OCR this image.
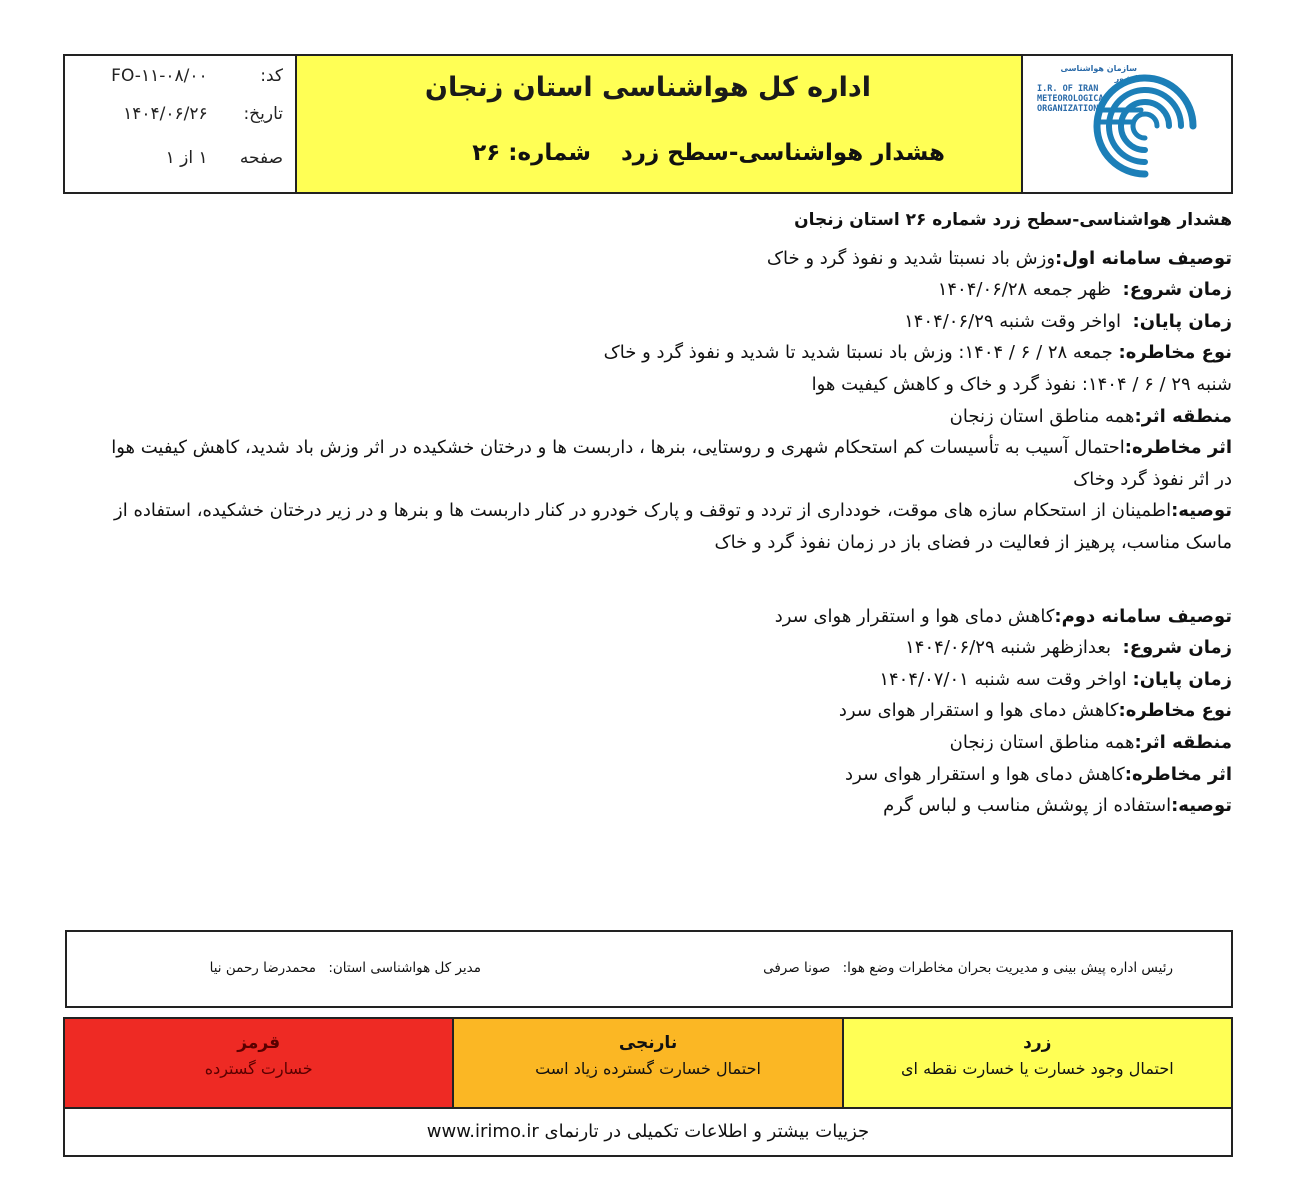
سازمان هواشناسی کشور
I.R. OF IRAN
METEOROLOGICAL
ORGANIZATION
اداره کل هواشناسی استان زنجان
هشدار هواشناسی-سطح زرد
شماره: ۲۶
کد: FO-۱۱-۰۸/۰۰
تاریخ: ۱۴۰۴/۰۶/۲۶
صفحه ۱ از ۱

هشدار هواشناسی-سطح زرد شماره ۲۶ استان زنجان

توصیف سامانه اول:وزش باد نسبتا شدید و نفوذ گرد و خاک

زمان شروع:  ظهر جمعه ۱۴۰۴/۰۶/۲۸

زمان پایان:  اواخر وقت شنبه ۱۴۰۴/۰۶/۲۹

نوع مخاطره: جمعه ۲۸ / ۶ / ۱۴۰۴: وزش باد نسبتا شدید تا شدید و نفوذ گرد و خاک

شنبه ۲۹ / ۶ / ۱۴۰۴: نفوذ گرد و خاک و کاهش کیفیت هوا

منطقه اثر:همه مناطق استان زنجان

اثر مخاطره:احتمال آسیب به تأسیسات کم استحکام شهری و روستایی، بنرها ، داربست ها و درختان خشکیده در اثر وزش باد شدید، کاهش کیفیت هوا در اثر نفوذ گرد وخاک

توصیه:اطمینان از استحکام سازه های موقت، خودداری از تردد و توقف و پارک خودرو در کنار داربست ها و بنرها و در زیر درختان خشکیده، استفاده از ماسک مناسب، پرهیز از فعالیت در فضای باز در زمان نفوذ گرد و خاک

توصیف سامانه دوم:کاهش دمای هوا و استقرار هوای سرد

زمان شروع:  بعدازظهر شنبه ۱۴۰۴/۰۶/۲۹

زمان پایان: اواخر وقت سه شنبه ۱۴۰۴/۰۷/۰۱

نوع مخاطره:کاهش دمای هوا و استقرار هوای سرد

منطقه اثر:همه مناطق استان زنجان

اثر مخاطره:کاهش دمای هوا و استقرار هوای سرد

توصیه:استفاده از پوشش مناسب و لباس گرم

رئیس اداره پیش بینی و مدیریت بحران مخاطرات وضع هوا: صونا صرفی
مدیر کل هواشناسی استان: محمدرضا رحمن نیا
زرد
احتمال وجود خسارت یا خسارت نقطه ای
نارنجی
احتمال خسارت گسترده زیاد است
قرمز
خسارت گسترده
جزییات بیشتر و اطلاعات تکمیلی در تارنمای www.irimo.ir
